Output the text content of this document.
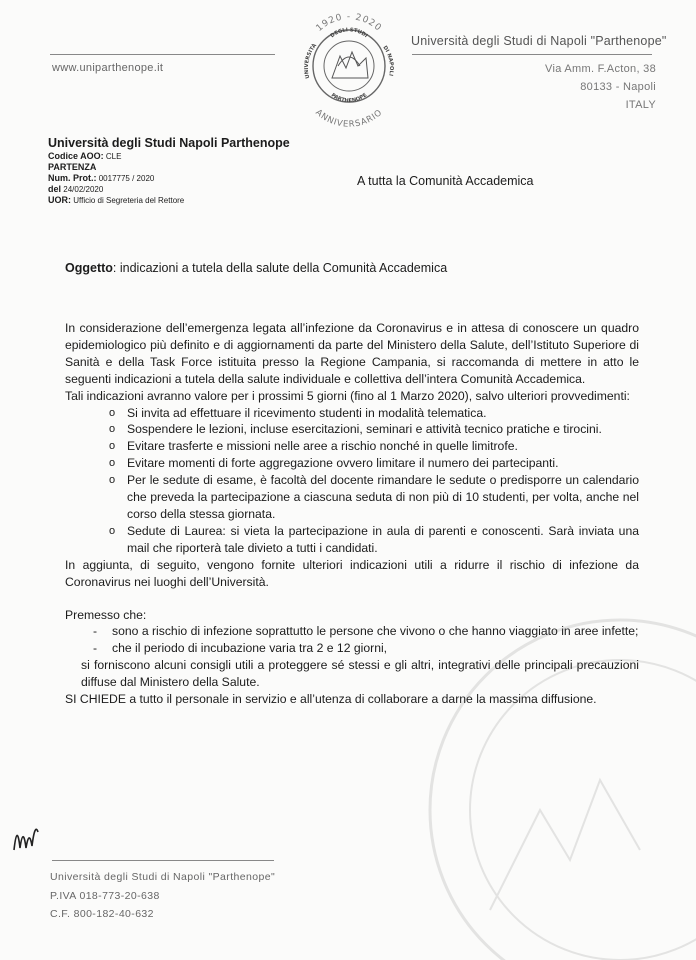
www.uniparthenope.it
Università degli Studi di Napoli "Parthenope"
Via Amm. F.Acton, 38
80133 - Napoli
ITALY
1920 - 2020
DEGLI STUDI
UNIVERSITÀ	DI NAPOLI
PARTHENOPE
ANNIVERSARIO
Università degli Studi Napoli Parthenope
Codice AOO: CLE
PARTENZA
Num. Prot.: 0017775 / 2020
del 24/02/2020
UOR: Ufficio di Segreteria del Rettore
A tutta la Comunità Accademica
Oggetto: indicazioni a tutela della salute della Comunità Accademica

In considerazione dell’emergenza legata all’infezione da Coronavirus e in attesa di conoscere un quadro epidemiologico più definito e di aggiornamenti da parte del Ministero della Salute, dell’Istituto Superiore di Sanità e della Task Force istituita presso la Regione Campania, si raccomanda di mettere in atto le seguenti indicazioni a tutela della salute individuale e collettiva dell’intera Comunità Accademica.

Tali indicazioni avranno valore per i prossimi 5 giorni (fino al 1 Marzo 2020), salvo ulteriori provvedimenti:

o Si invita ad effettuare il ricevimento studenti in modalità telematica.
o Sospendere le lezioni, incluse esercitazioni, seminari e attività tecnico pratiche e tirocini.
o Evitare trasferte e missioni nelle aree a rischio nonché in quelle limitrofe.
o Evitare momenti di forte aggregazione ovvero limitare il numero dei partecipanti.
o Per le sedute di esame, è facoltà del docente rimandare le sedute o predisporre un calendario che preveda la partecipazione a ciascuna seduta di non più di 10 studenti, per volta, anche nel corso della stessa giornata.
o Sedute di Laurea: si vieta la partecipazione in aula di parenti e conoscenti. Sarà inviata una mail che riporterà tale divieto a tutti i candidati.

In aggiunta, di seguito, vengono fornite ulteriori indicazioni utili a ridurre il rischio di infezione da Coronavirus nei luoghi dell’Università.

Premesso che:

- sono a rischio di infezione soprattutto le persone che vivono o che hanno viaggiato in aree infette;
- che il periodo di incubazione varia tra 2 e 12 giorni,

si forniscono alcuni consigli utili a proteggere sé stessi e gli altri, integrativi delle principali precauzioni diffuse dal Ministero della Salute.

SI CHIEDE a tutto il personale in servizio e all’utenza di collaborare a darne la massima diffusione.

Università degli Studi di Napoli "Parthenope"
P.IVA 018-773-20-638
C.F. 800-182-40-632
